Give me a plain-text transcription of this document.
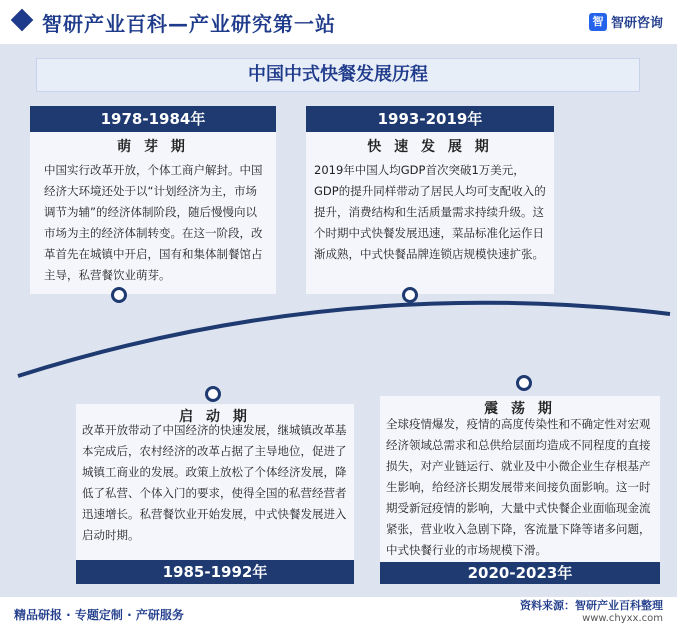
智研产业百科—产业研究第一站	智 智研咨询
中国中式快餐发展历程
1978-1984年
萌 芽 期
中国实行改革开放，个体工商户解封。中国经济大环境还处于以“计划经济为主，市场调节为辅”的经济体制阶段，随后慢慢向以市场为主的经济体制转变。在这一阶段，改革首先在城镇中开启，国有和集体制餐馆占主导，私营餐饮业萌芽。
1993-2019年
快 速 发 展 期
2019年中国人均GDP首次突破1万美元，GDP的提升同样带动了居民人均可支配收入的提升，消费结构和生活质量需求持续升级。这个时期中式快餐发展迅速，菜品标准化运作日渐成熟，中式快餐品牌连锁店规模快速扩张。
启 动 期
改革开放带动了中国经济的快速发展，继城镇改革基本完成后，农村经济的改革占据了主导地位，促进了城镇工商业的发展。政策上放松了个体经济发展，降低了私营、个体入门的要求，使得全国的私营经营者迅速增长。私营餐饮业开始发展，中式快餐发展进入启动时期。
1985-1992年
震 荡 期
全球疫情爆发，疫情的高度传染性和不确定性对宏观经济领域总需求和总供给层面均造成不同程度的直接损失，对产业链运行、就业及中小微企业生存根基产生影响，给经济长期发展带来间接负面影响。这一时期受新冠疫情的影响，大量中式快餐企业面临现金流紧张，营业收入急剧下降，客流量下降等诸多问题，中式快餐行业的市场规模下滑。
2020-2023年
精品研报 · 专题定制 · 产研服务
资料来源：智研产业百科整理
www.chyxx.com
